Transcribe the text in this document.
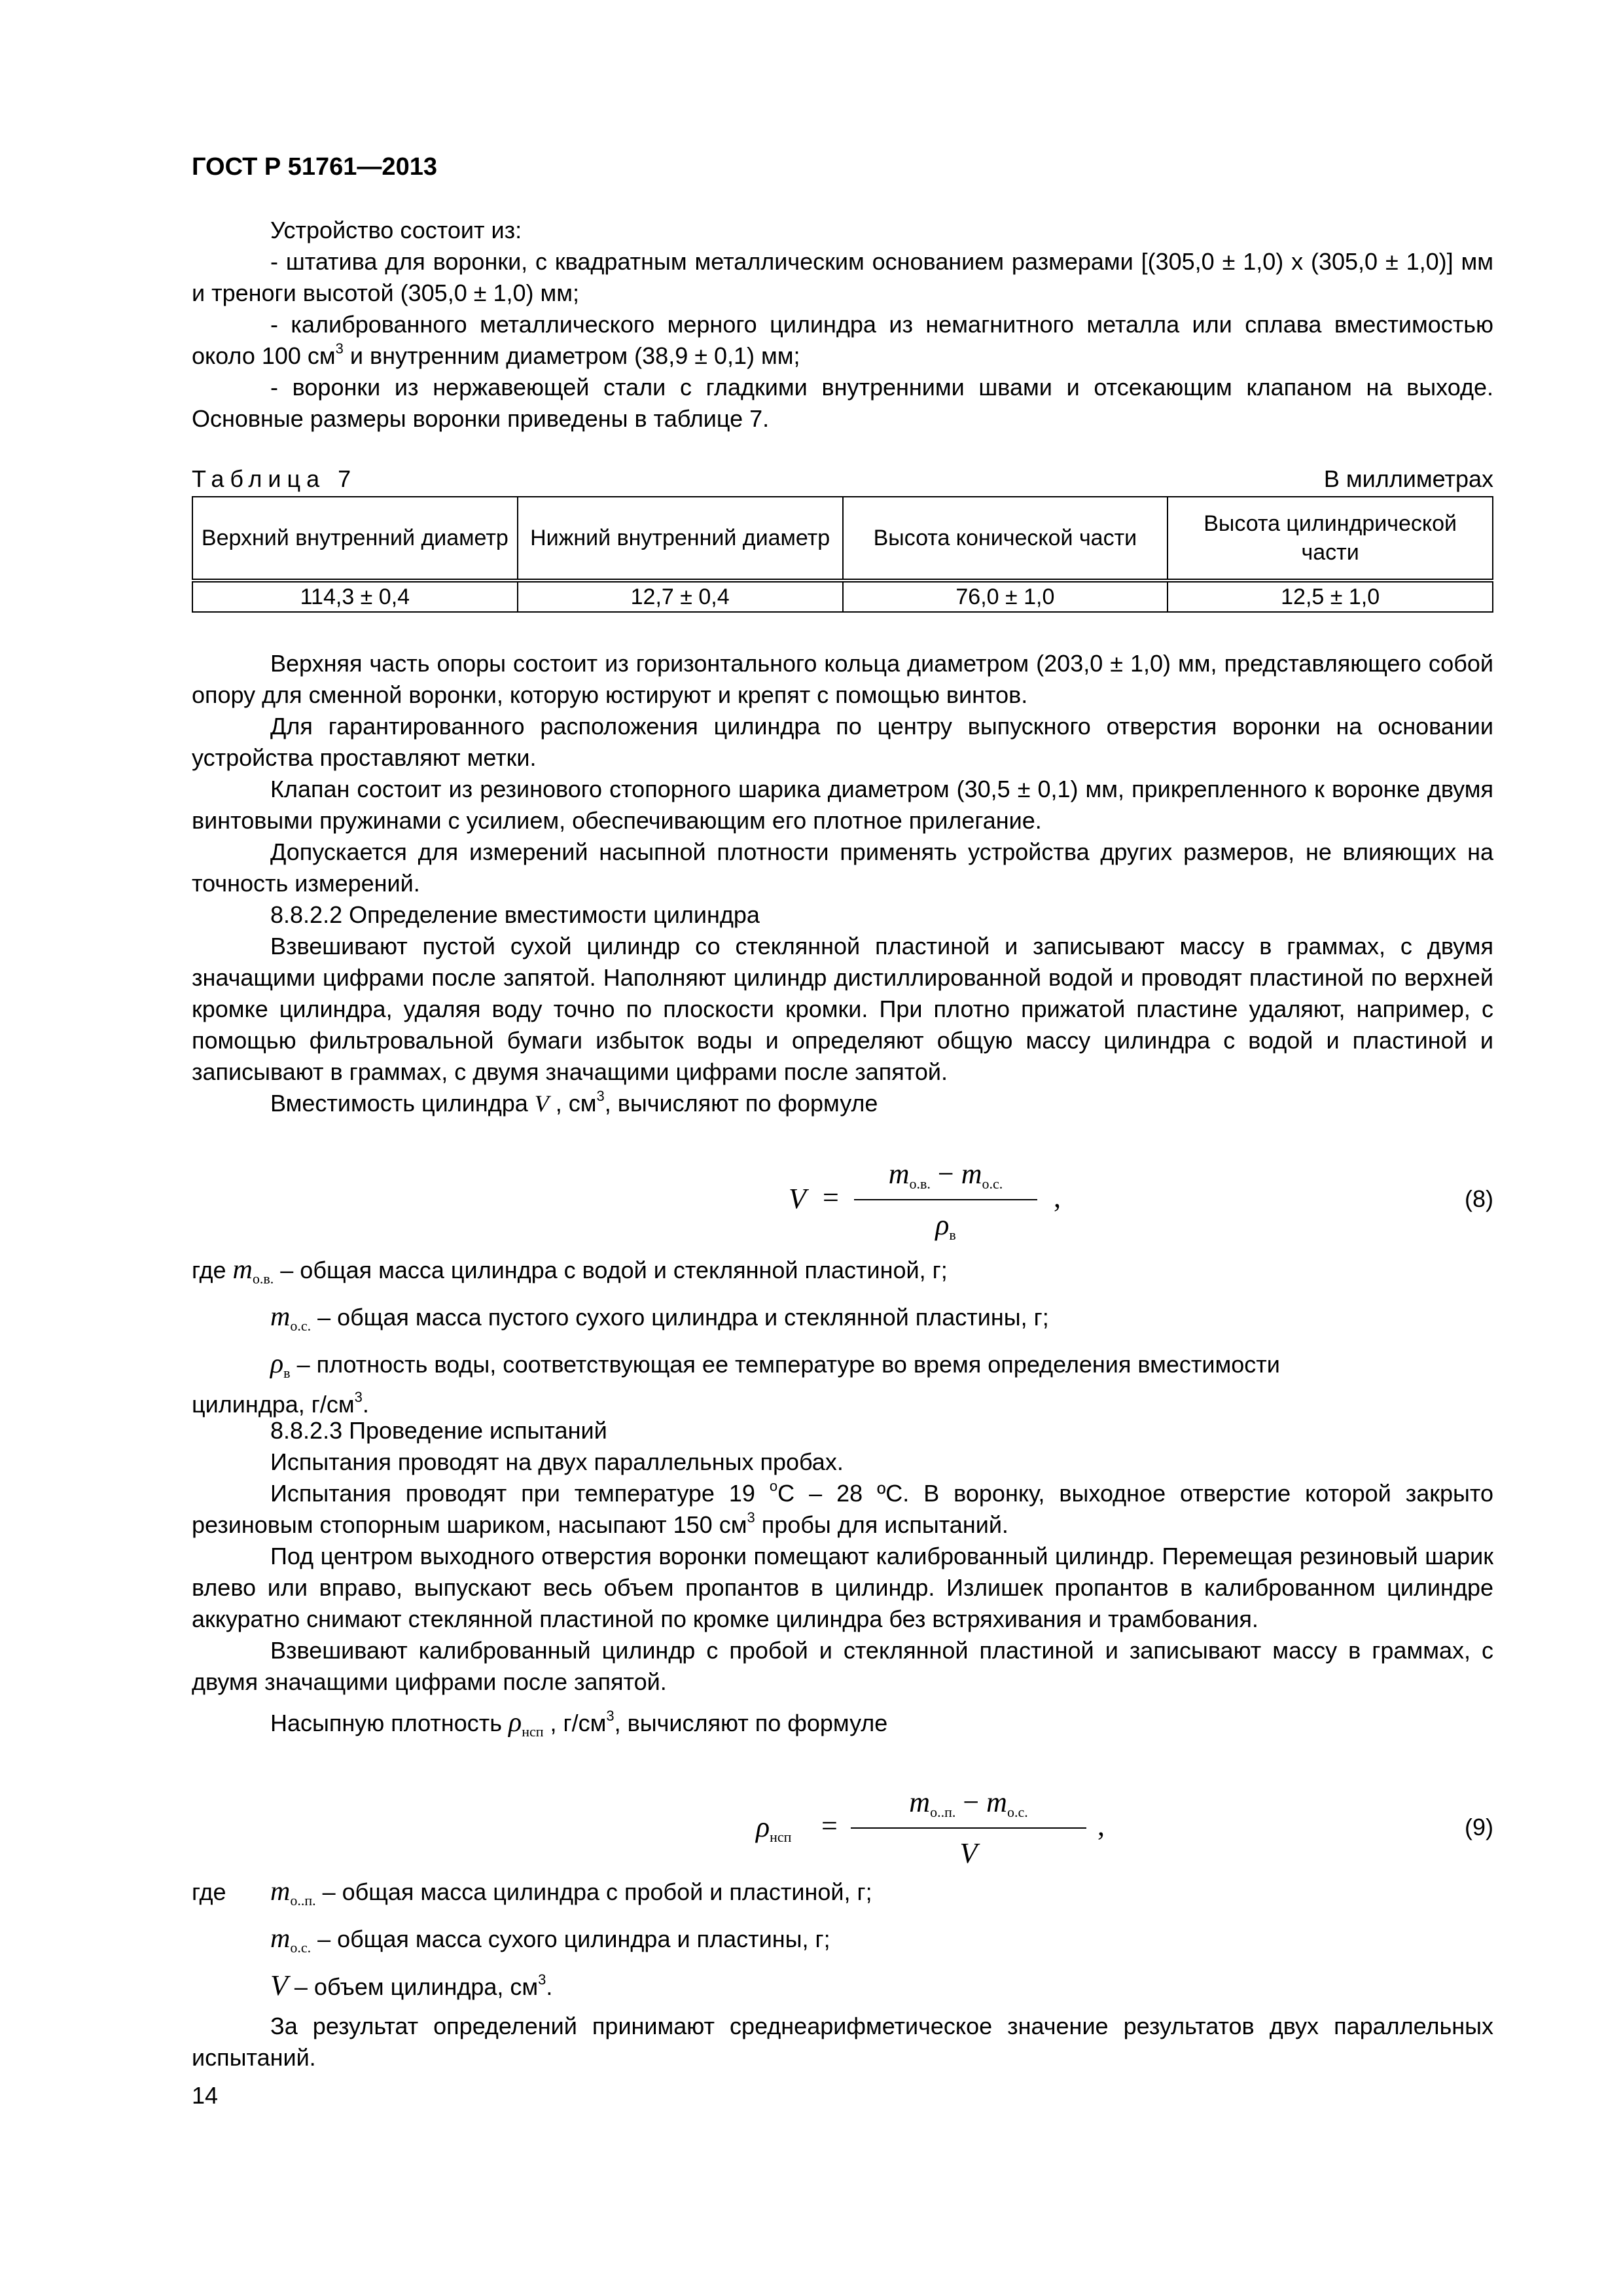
ГОСТ Р 51761—2013

Устройство состоит из:

- штатива для воронки, с квадратным металлическим основанием размерами [(305,0 ± 1,0) х (305,0 ± 1,0)] мм и треноги высотой (305,0 ± 1,0) мм;

- калиброванного металлического мерного цилиндра из немагнитного металла или сплава вместимостью около 100 $см^3$ и внутренним диаметром (38,9 ± 0,1) мм;

- воронки из нержавеющей стали с гладкими внутренними швами и отсекающим клапаном на выходе. Основные размеры воронки приведены в таблице 7.

Таблица 7	В миллиметрах
Верхний внутренний диаметр	Нижний внутренний диаметр	Высота конической части	Высота цилиндрической части
114,3 ± 0,4	12,7 ± 0,4	76,0 ± 1,0	12,5 ± 1,0

Верхняя часть опоры состоит из горизонтального кольца диаметром (203,0 ± 1,0) мм, представляющего собой опору для сменной воронки, которую юстируют и крепят с помощью винтов.

Для гарантированного расположения цилиндра по центру выпускного отверстия воронки на основании устройства проставляют метки.

Клапан состоит из резинового стопорного шарика диаметром (30,5 ± 0,1) мм, прикрепленного к воронке двумя винтовыми пружинами с усилием, обеспечивающим его плотное прилегание.

Допускается для измерений насыпной плотности применять устройства других размеров, не влияющих на точность измерений.

8.8.2.2 Определение вместимости цилиндра

Взвешивают пустой сухой цилиндр со стеклянной пластиной и записывают массу в граммах, с двумя значащими цифрами после запятой. Наполняют цилиндр дистиллированной водой и проводят пластиной по верхней кромке цилиндра, удаляя воду точно по плоскости кромки. При плотно прижатой пластине удаляют, например, с помощью фильтровальной бумаги избыток воды и определяют общую массу цилиндра с водой и пластиной и записывают в граммах, с двумя значащими цифрами после запятой.

Вместимость цилиндра V , $см^3$, вычисляют по формуле

V =
$m_{о.в.} - m_{о.с.}$
$\rho_в$
,	(8)

где $m_{о.в.}$ – общая масса цилиндра с водой и стеклянной пластиной, г;

$m_{о.с.}$ – общая масса пустого сухого цилиндра и стеклянной пластины, г;

$\rho_в$ – плотность воды, соответствующая ее температуре во время определения вместимости

цилиндра, $г/см^3$.

8.8.2.3 Проведение испытаний

Испытания проводят на двух параллельных пробах.

Испытания проводят при температуре 19 $^o$С – 28 ºС. В воронку, выходное отверстие которой закрыто резиновым стопорным шариком, насыпают 150 $см^3$ пробы для испытаний.

Под центром выходного отверстия воронки помещают калиброванный цилиндр. Перемещая резиновый шарик влево или вправо, выпускают весь объем пропантов в цилиндр. Излишек пропантов в калиброванном цилиндре аккуратно снимают стеклянной пластиной по кромке цилиндра без встряхивания и трамбования.

Взвешивают калиброванный цилиндр с пробой и стеклянной пластиной и записывают массу в граммах, с двумя значащими цифрами после запятой.

Насыпную плотность $\rho_{нсп}$ , $г/см^3$, вычисляют по формуле

$\rho_{нсп}$ =
$m_{о..п.} - m_{о.с.}$
V
,	(9)

где $m_{о..п.}$ – общая масса цилиндра с пробой и пластиной, г;

$m_{о.с.}$ – общая масса сухого цилиндра и пластины, г;

V – объем цилиндра, $см^3$.

За результат определений принимают среднеарифметическое значение результатов двух параллельных испытаний.

14
